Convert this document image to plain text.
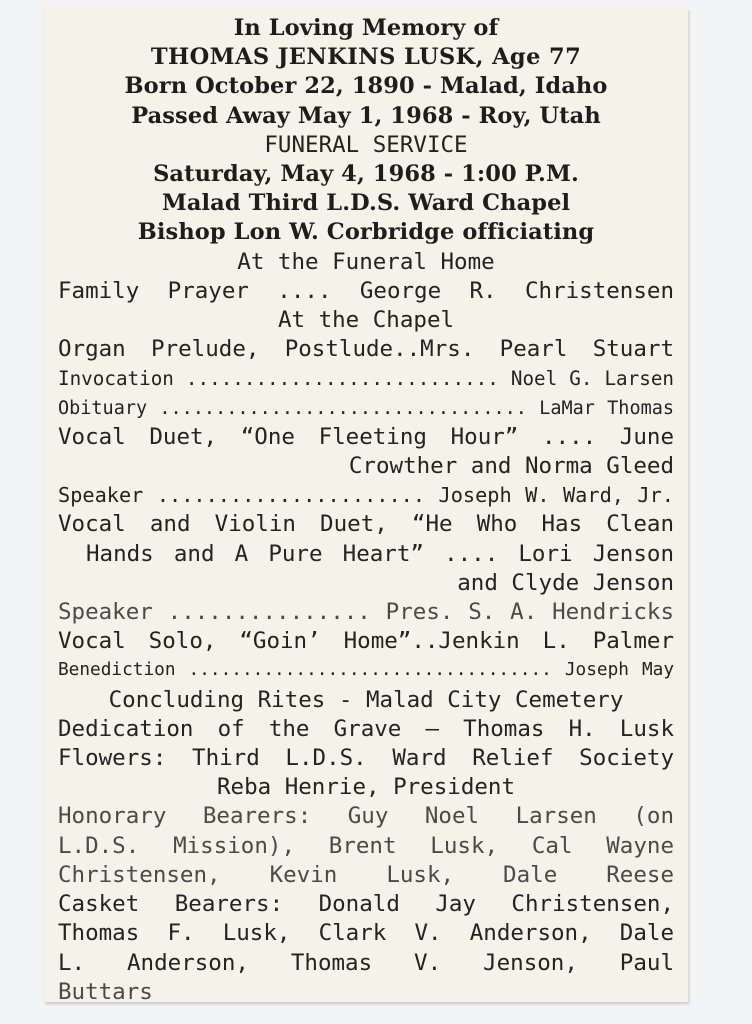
In Loving Memory of
THOMAS JENKINS LUSK, Age 77
Born October 22, 1890 - Malad, Idaho
Passed Away May 1, 1968 - Roy, Utah
FUNERAL SERVICE
Saturday, May 4, 1968 - 1:00 P.M.
Malad Third L.D.S. Ward Chapel
Bishop Lon W. Corbridge officiating
At the Funeral Home
Family Prayer .... George R. Christensen
At the Chapel
Organ Prelude, Postlude..Mrs. Pearl Stuart
Invocation ........................... Noel G. Larsen
Obituary ................................. LaMar Thomas
Vocal Duet, “One Fleeting Hour” .... June
Crowther and Norma Gleed
Speaker ...................... Joseph W. Ward, Jr.
Vocal and Violin Duet, “He Who Has Clean
Hands and A Pure Heart” .... Lori Jenson
and Clyde Jenson
Speaker ............... Pres. S. A. Hendricks
Vocal Solo, “Goin’ Home”..Jenkin L. Palmer
Benediction .................................. Joseph May
Concluding Rites - Malad City Cemetery
Dedication of the Grave — Thomas H. Lusk
Flowers: Third L.D.S. Ward Relief Society
Reba Henrie, President
Honorary Bearers: Guy Noel Larsen (on
L.D.S. Mission), Brent Lusk, Cal Wayne
Christensen, Kevin Lusk, Dale Reese
Casket Bearers: Donald Jay Christensen,
Thomas F. Lusk, Clark V. Anderson, Dale
L. Anderson, Thomas V. Jenson, Paul
Buttars
